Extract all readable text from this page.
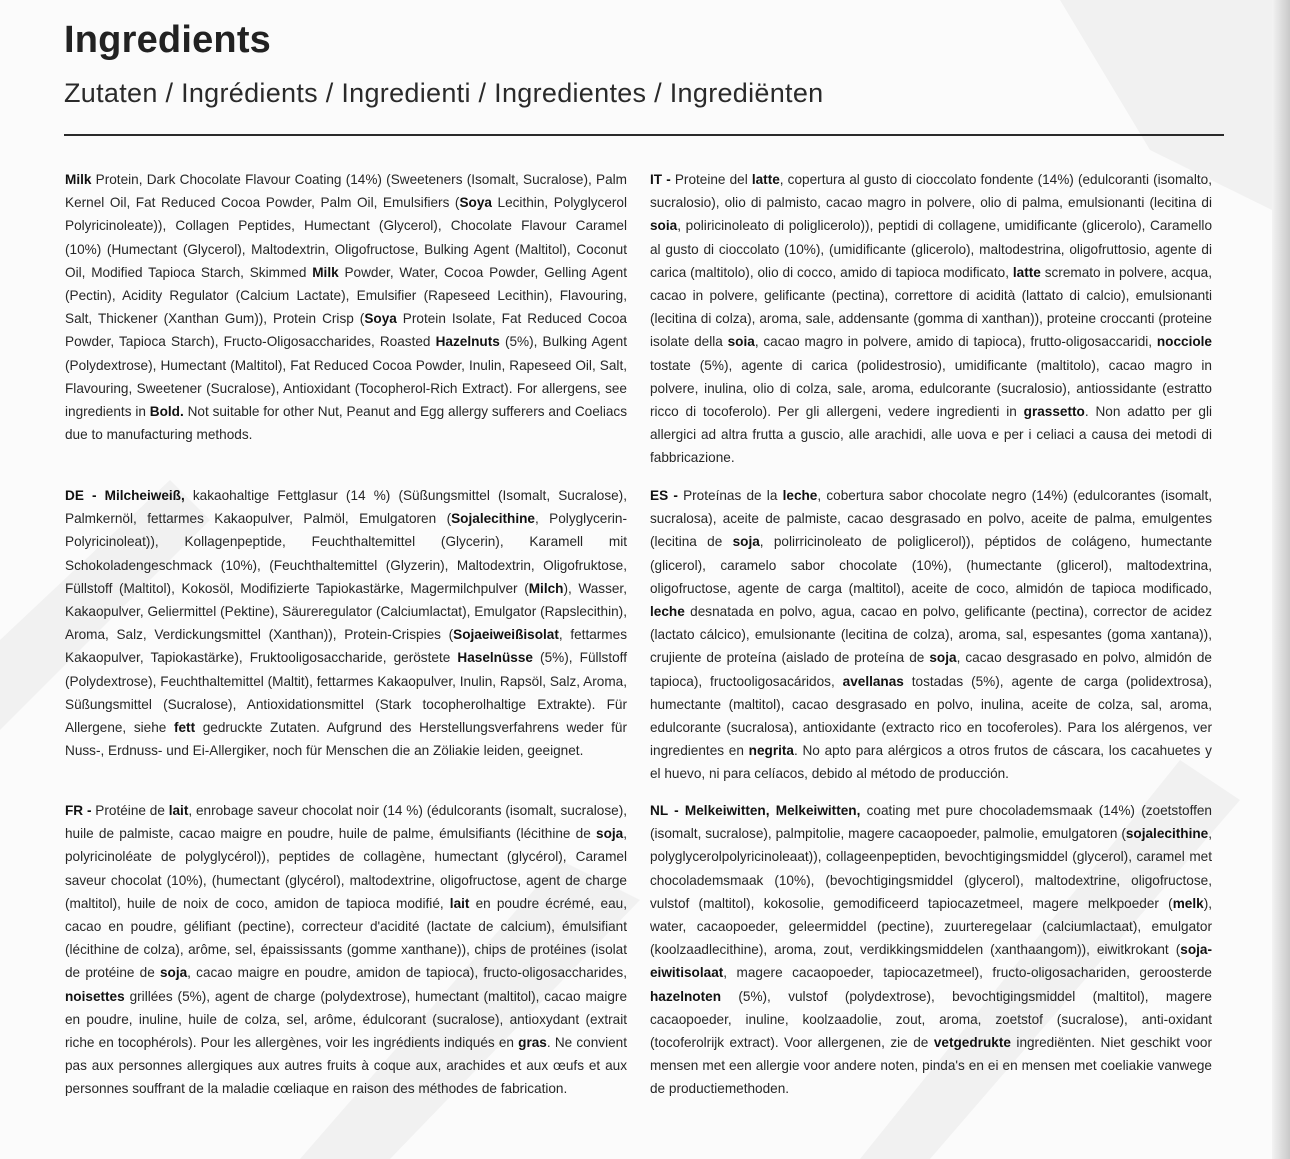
Ingredients
Zutaten / Ingrédients / Ingredienti / Ingredientes / Ingrediënten

Milk Protein, Dark Chocolate Flavour Coating (14%) (Sweeteners (Isomalt, Sucralose), Palm Kernel Oil, Fat Reduced Cocoa Powder, Palm Oil, Emulsifiers (Soya Lecithin, Polyglycerol Polyricinoleate)), Collagen Peptides, Humectant (Glycerol), Chocolate Flavour Caramel (10%) (Humectant (Glycerol), Maltodextrin, Oligofructose, Bulking Agent (Maltitol), Coconut Oil, Modified Tapioca Starch, Skimmed Milk Powder, Water, Cocoa Powder, Gelling Agent (Pectin), Acidity Regulator (Calcium Lactate), Emulsifier (Rapeseed Lecithin), Flavouring, Salt, Thickener (Xanthan Gum)), Protein Crisp (Soya Protein Isolate, Fat Reduced Cocoa Powder, Tapioca Starch), Fructo-Oligosaccharides, Roasted Hazelnuts (5%), Bulking Agent (Polydextrose), Humectant (Maltitol), Fat Reduced Cocoa Powder, Inulin, Rapeseed Oil, Salt, Flavouring, Sweetener (Sucralose), Antioxidant (Tocopherol-Rich Extract). For allergens, see ingredients in Bold. Not suitable for other Nut, Peanut and Egg allergy sufferers and Coeliacs due to manufacturing methods.

DE - Milcheiweiß, kakaohaltige Fettglasur (14 %) (Süßungsmittel (Isomalt, Sucralose), Palmkernöl, fettarmes Kakaopulver, Palmöl, Emulgatoren (Sojalecithine, Polyglycerin-Polyricinoleat)), Kollagenpeptide, Feuchthaltemittel (Glycerin), Karamell mit Schokoladengeschmack (10%), (Feuchthaltemittel (Glyzerin), Maltodextrin, Oligofruktose, Füllstoff (Maltitol), Kokosöl, Modifizierte Tapiokastärke, Magermilchpulver (Milch), Wasser, Kakaopulver, Geliermittel (Pektine), Säureregulator (Calciumlactat), Emulgator (Rapslecithin), Aroma, Salz, Verdickungsmittel (Xanthan)), Protein-Crispies (Sojaeiweißisolat, fettarmes Kakaopulver, Tapiokastärke), Fruktooligosaccharide, geröstete Haselnüsse (5%), Füllstoff (Polydextrose), Feuchthaltemittel (Maltit), fettarmes Kakaopulver, Inulin, Rapsöl, Salz, Aroma, Süßungsmittel (Sucralose), Antioxidationsmittel (Stark tocopherolhaltige Extrakte). Für Allergene, siehe fett gedruckte Zutaten. Aufgrund des Herstellungsverfahrens weder für Nuss-, Erdnuss- und Ei-Allergiker, noch für Menschen die an Zöliakie leiden, geeignet.

FR - Protéine de lait, enrobage saveur chocolat noir (14 %) (édulcorants (isomalt, sucralose), huile de palmiste, cacao maigre en poudre, huile de palme, émulsifiants (lécithine de soja, polyricinoléate de polyglycérol)), peptides de collagène, humectant (glycérol), Caramel saveur chocolat (10%), (humectant (glycérol), maltodextrine, oligofructose, agent de charge (maltitol), huile de noix de coco, amidon de tapioca modifié, lait en poudre écrémé, eau, cacao en poudre, gélifiant (pectine), correcteur d'acidité (lactate de calcium), émulsifiant (lécithine de colza), arôme, sel, épaississants (gomme xanthane)), chips de protéines (isolat de protéine de soja, cacao maigre en poudre, amidon de tapioca), fructo-oligosaccharides, noisettes grillées (5%), agent de charge (polydextrose), humectant (maltitol), cacao maigre en poudre, inuline, huile de colza, sel, arôme, édulcorant (sucralose), antioxydant (extrait riche en tocophérols). Pour les allergènes, voir les ingrédients indiqués en gras. Ne convient pas aux personnes allergiques aux autres fruits à coque aux, arachides et aux œufs et aux personnes souffrant de la maladie cœliaque en raison des méthodes de fabrication.

IT - Proteine del latte, copertura al gusto di cioccolato fondente (14%) (edulcoranti (isomalto, sucralosio), olio di palmisto, cacao magro in polvere, olio di palma, emulsionanti (lecitina di soia, poliricinoleato di poliglicerolo)), peptidi di collagene, umidificante (glicerolo), Caramello al gusto di cioccolato (10%), (umidificante (glicerolo), maltodestrina, oligofruttosio, agente di carica (maltitolo), olio di cocco, amido di tapioca modificato, latte scremato in polvere, acqua, cacao in polvere, gelificante (pectina), correttore di acidità (lattato di calcio), emulsionanti (lecitina di colza), aroma, sale, addensante (gomma di xanthan)), proteine croccanti (proteine isolate della soia, cacao magro in polvere, amido di tapioca), frutto-oligosaccaridi, nocciole tostate (5%), agente di carica (polidestrosio), umidificante (maltitolo), cacao magro in polvere, inulina, olio di colza, sale, aroma, edulcorante (sucralosio), antiossidante (estratto ricco di tocoferolo). Per gli allergeni, vedere ingredienti in grassetto. Non adatto per gli allergici ad altra frutta a guscio, alle arachidi, alle uova e per i celiaci a causa dei metodi di fabbricazione.

ES - Proteínas de la leche, cobertura sabor chocolate negro (14%) (edulcorantes (isomalt, sucralosa), aceite de palmiste, cacao desgrasado en polvo, aceite de palma, emulgentes (lecitina de soja, polirricinoleato de poliglicerol)), péptidos de colágeno, humectante (glicerol), caramelo sabor chocolate (10%), (humectante (glicerol), maltodextrina, oligofructose, agente de carga (maltitol), aceite de coco, almidón de tapioca modificado, leche desnatada en polvo, agua, cacao en polvo, gelificante (pectina), corrector de acidez (lactato cálcico), emulsionante (lecitina de colza), aroma, sal, espesantes (goma xantana)), crujiente de proteína (aislado de proteína de soja, cacao desgrasado en polvo, almidón de tapioca), fructooligosacáridos, avellanas tostadas (5%), agente de carga (polidextrosa), humectante (maltitol), cacao desgrasado en polvo, inulina, aceite de colza, sal, aroma, edulcorante (sucralosa), antioxidante (extracto rico en tocoferoles). Para los alérgenos, ver ingredientes en negrita. No apto para alérgicos a otros frutos de cáscara, los cacahuetes y el huevo, ni para celíacos, debido al método de producción.

NL - Melkeiwitten, Melkeiwitten, coating met pure chocolademsmaak (14%) (zoetstoffen (isomalt, sucralose), palmpitolie, magere cacaopoeder, palmolie, emulgatoren (sojalecithine, polyglycerolpolyricinoleaat)), collageenpeptiden, bevochtigingsmiddel (glycerol), caramel met chocolademsmaak (10%), (bevochtigingsmiddel (glycerol), maltodextrine, oligofructose, vulstof (maltitol), kokosolie, gemodificeerd tapiocazetmeel, magere melkpoeder (melk), water, cacaopoeder, geleermiddel (pectine), zuurteregelaar (calciumlactaat), emulgator (koolzaadlecithine), aroma, zout, verdikkingsmiddelen (xanthaangom)), eiwitkrokant (soja-eiwitisolaat, magere cacaopoeder, tapiocazetmeel), fructo-oligosachariden, geroosterde hazelnoten (5%), vulstof (polydextrose), bevochtigingsmiddel (maltitol), magere cacaopoeder, inuline, koolzaadolie, zout, aroma, zoetstof (sucralose), anti-oxidant (tocoferolrijk extract). Voor allergenen, zie de vetgedrukte ingrediënten. Niet geschikt voor mensen met een allergie voor andere noten, pinda's en ei en mensen met coeliakie vanwege de productiemethoden.
